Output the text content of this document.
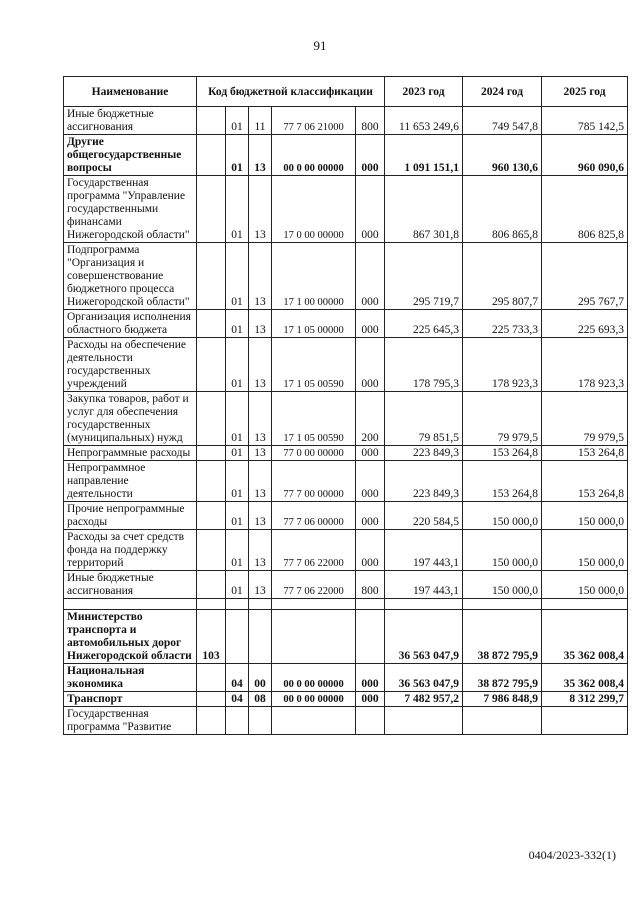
91
Наименование	Код бюджетной классификации					2023 год	2024 год	2025 год
Иные бюджетные ассигнования		01	11	77 7 06 21000	800	11 653 249,6	749 547,8	785 142,5
Другие общегосударственные вопросы		01	13	00 0 00 00000	000	1 091 151,1	960 130,6	960 090,6
Государственная программа "Управление государственными финансами Нижегородской области"		01	13	17 0 00 00000	000	867 301,8	806 865,8	806 825,8
Подпрограмма "Организация и совершенствование бюджетного процесса Нижегородской области"		01	13	17 1 00 00000	000	295 719,7	295 807,7	295 767,7
Организация исполнения областного бюджета		01	13	17 1 05 00000	000	225 645,3	225 733,3	225 693,3
Расходы на обеспечение деятельности государственных учреждений		01	13	17 1 05 00590	000	178 795,3	178 923,3	178 923,3
Закупка товаров, работ и услуг для обеспечения государственных (муниципальных) нужд		01	13	17 1 05 00590	200	79 851,5	79 979,5	79 979,5
Непрограммные расходы		01	13	77 0 00 00000	000	223 849,3	153 264,8	153 264,8
Непрограммное направление деятельности		01	13	77 7 00 00000	000	223 849,3	153 264,8	153 264,8
Прочие непрограммные расходы		01	13	77 7 06 00000	000	220 584,5	150 000,0	150 000,0
Расходы за счет средств фонда на поддержку территорий		01	13	77 7 06 22000	000	197 443,1	150 000,0	150 000,0
Иные бюджетные ассигнования		01	13	77 7 06 22000	800	197 443,1	150 000,0	150 000,0

Министерство транспорта и автомобильных дорог Нижегородской области	103					36 563 047,9	38 872 795,9	35 362 008,4
Национальная экономика		04	00	00 0 00 00000	000	36 563 047,9	38 872 795,9	35 362 008,4
Транспорт		04	08	00 0 00 00000	000	7 482 957,2	7 986 848,9	8 312 299,7
Государственная программа "Развитие								
0404/2023-332(1)
